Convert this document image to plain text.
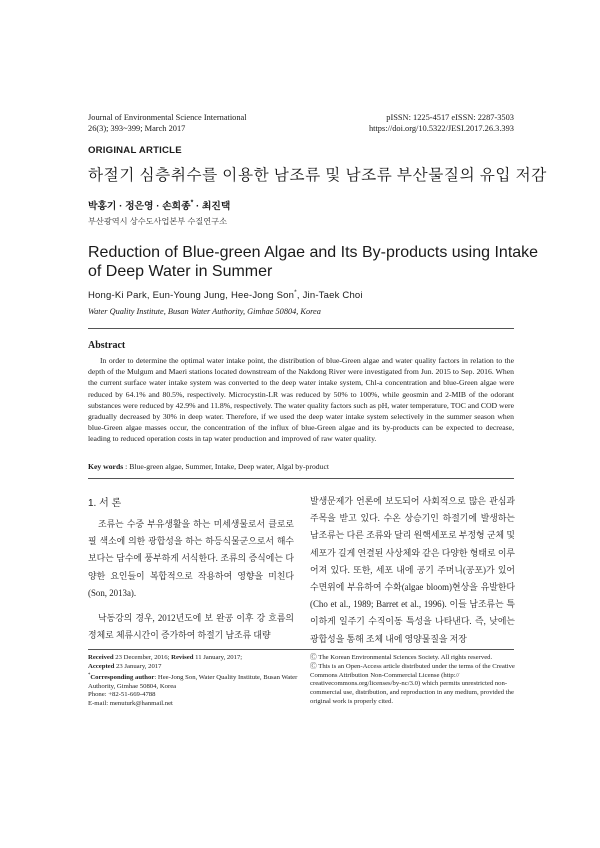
Journal of Environmental Science International
26(3); 393~399; March 2017
pISSN: 1225-4517 eISSN: 2287-3503
https://doi.org/10.5322/JESI.2017.26.3.393
ORIGINAL ARTICLE
하절기 심층취수를 이용한 남조류 및 남조류 부산물질의 유입 저감
박홍기 · 정은영 · 손희종* · 최진택
부산광역시 상수도사업본부 수질연구소
Reduction of Blue-green Algae and Its By-products using Intake of Deep Water in Summer
Hong-Ki Park, Eun-Young Jung, Hee-Jong Son*, Jin-Taek Choi
Water Quality Institute, Busan Water Authority, Gimhae 50804, Korea
Abstract
In order to determine the optimal water intake point, the distribution of blue-Green algae and water quality factors in relation to the depth of the Mulgum and Maeri stations located downstream of the Nakdong River were investigated from Jun. 2015 to Sep. 2016. When the current surface water intake system was converted to the deep water intake system, Chl-a concentration and blue-Green algae were reduced by 64.1% and 80.5%, respectively. Microcystin-LR was reduced by 50% to 100%, while geosmin and 2-MIB of the odorant substances were reduced by 42.9% and 11.8%, respectively. The water quality factors such as pH, water temperature, TOC and COD were gradually decreased by 30% in deep water. Therefore, if we used the deep water intake system selectively in the summer season when blue-Green algae masses occur, the concentration of the influx of blue-Green algae and its by-products can be expected to decrease, leading to reduced operation costs in tap water production and improved of raw water quality.
Key words : Blue-green algae, Summer, Intake, Deep water, Algal by-product
1. 서 론

조류는 수중 부유생활을 하는 미세생물로서 클로로필 색소에 의한 광합성을 하는 하등식물군으로서 해수보다는 담수에 풍부하게 서식한다. 조류의 증식에는 다양한 요인들이 복합적으로 작용하여 영향을 미친다(Son, 2013a).

낙동강의 경우, 2012년도에 보 완공 이후 강 흐름의 정체로 체류시간이 증가하여 하절기 남조류 대량

발생문제가 언론에 보도되어 사회적으로 많은 관심과 주목을 받고 있다. 수온 상승기인 하절기에 발생하는 남조류는 다른 조류와 달리 원핵세포로 부정형 군체 및 세포가 길게 연결된 사상체와 같은 다양한 형태로 이루어져 있다. 또한, 세포 내에 공기 주머니(공포)가 있어 수면위에 부유하여 수화(algae bloom)현상을 유발한다(Cho et al., 1989; Barret et al., 1996). 이들 남조류는 특이하게 일주기 수직이동 특성을 나타낸다. 즉, 낮에는 광합성을 통해 조체 내에 영양물질을 저장

Received 23 December, 2016; Revised 11 January, 2017;
Accepted 23 January, 2017
*Corresponding author: Hee-Jong Son, Water Quality Institute, Busan Water Authority, Gimhae 50804, Korea
Phone: +82-51-669-4788
E-mail: menuturk@hanmail.net
Ⓒ The Korean Environmental Sciences Society. All rights reserved.
Ⓒ This is an Open-Access article distributed under the terms of the Creative Commons Attribution Non-Commercial License (http:// creativecommons.org/licenses/by-nc/3.0) which permits unrestricted non-commercial use, distribution, and reproduction in any medium, provided the original work is properly cited.
